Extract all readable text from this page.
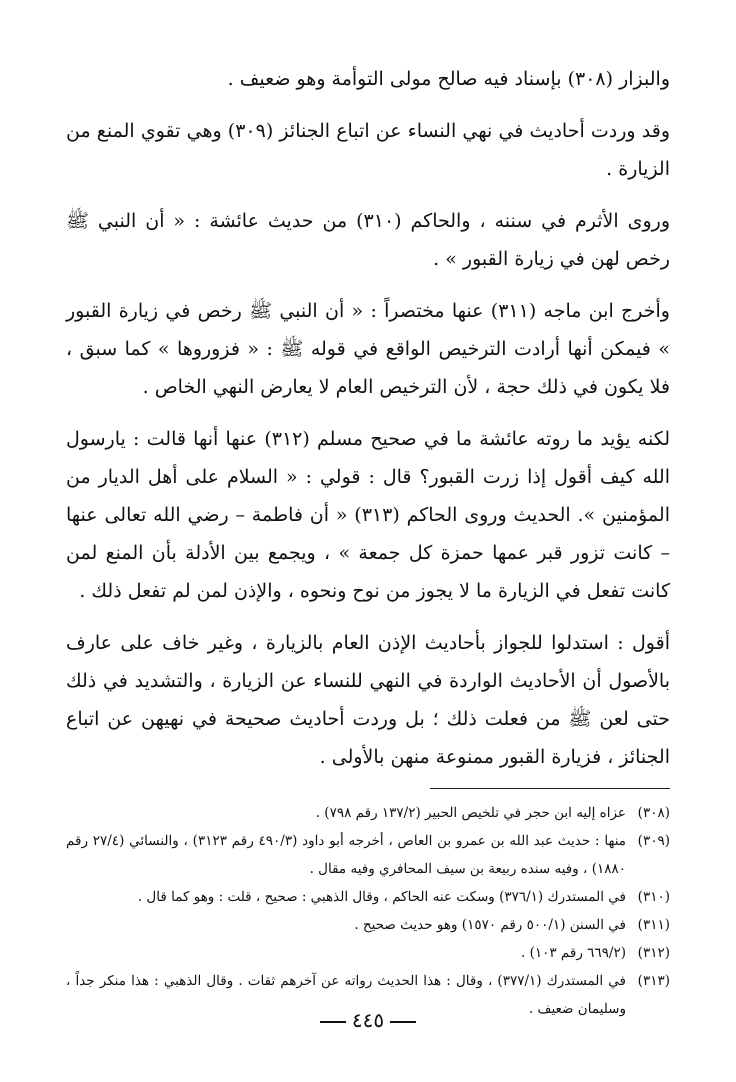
والبزار (٣٠٨) بإسناد فيه صالح مولى التوأمة وهو ضعيف .

وقد وردت أحاديث في نهي النساء عن اتباع الجنائز (٣٠٩) وهي تقوي المنع من الزيارة .

وروى الأثرم في سننه ، والحاكم (٣١٠) من حديث عائشة : « أن النبي ﷺ رخص لهن في زيارة القبور » .

وأخرج ابن ماجه (٣١١) عنها مختصراً : « أن النبي ﷺ رخص في زيارة القبور » فيمكن أنها أرادت الترخيص الواقع في قوله ﷺ : « فزوروها » كما سبق ، فلا يكون في ذلك حجة ، لأن الترخيص العام لا يعارض النهي الخاص .

لكنه يؤيد ما روته عائشة ما في صحيح مسلم (٣١٢) عنها أنها قالت : يارسول الله كيف أقول إذا زرت القبور؟ قال : قولي : « السلام على أهل الديار من المؤمنين ». الحديث وروى الحاكم (٣١٣) « أن فاطمة – رضي الله تعالى عنها – كانت تزور قبر عمها حمزة كل جمعة » ، ويجمع بين الأدلة بأن المنع لمن كانت تفعل في الزيارة ما لا يجوز من نوح ونحوه ، والإذن لمن لم تفعل ذلك .

أقول : استدلوا للجواز بأحاديث الإذن العام بالزيارة ، وغير خاف على عارف بالأصول أن الأحاديث الواردة في النهي للنساء عن الزيارة ، والتشديد في ذلك حتى لعن ﷺ من فعلت ذلك ؛ بل وردت أحاديث صحيحة في نهيهن عن اتباع الجنائز ، فزيارة القبور ممنوعة منهن بالأولى .

(٣٠٨)
عزاه إليه ابن حجر في تلخيص الحبير (١٣٧/٢ رقم ٧٩٨) .

(٣٠٩)
منها : حديث عبد الله بن عمرو بن العاص ، أخرجه أبو داود (٤٩٠/٣ رقم ٣١٢٣) ، والنسائي (٢٧/٤ رقم ١٨٨٠) ، وفيه سنده ربيعة بن سيف المحافري وفيه مقال .

(٣١٠)
في المستدرك (٣٧٦/١) وسكت عنه الحاكم ، وقال الذهبي : صحيح ، قلت : وهو كما قال .

(٣١١)
في السنن (٥٠٠/١ رقم ١٥٧٠) وهو حديث صحيح .

(٣١٢)
(٦٦٩/٢ رقم ١٠٣) .

(٣١٣)
في المستدرك (٣٧٧/١) ، وقال : هذا الحديث رواته عن آخرهم ثقات . وقال الذهبي : هذا منكر جداً ، وسليمان ضعيف .

٤٤٥
